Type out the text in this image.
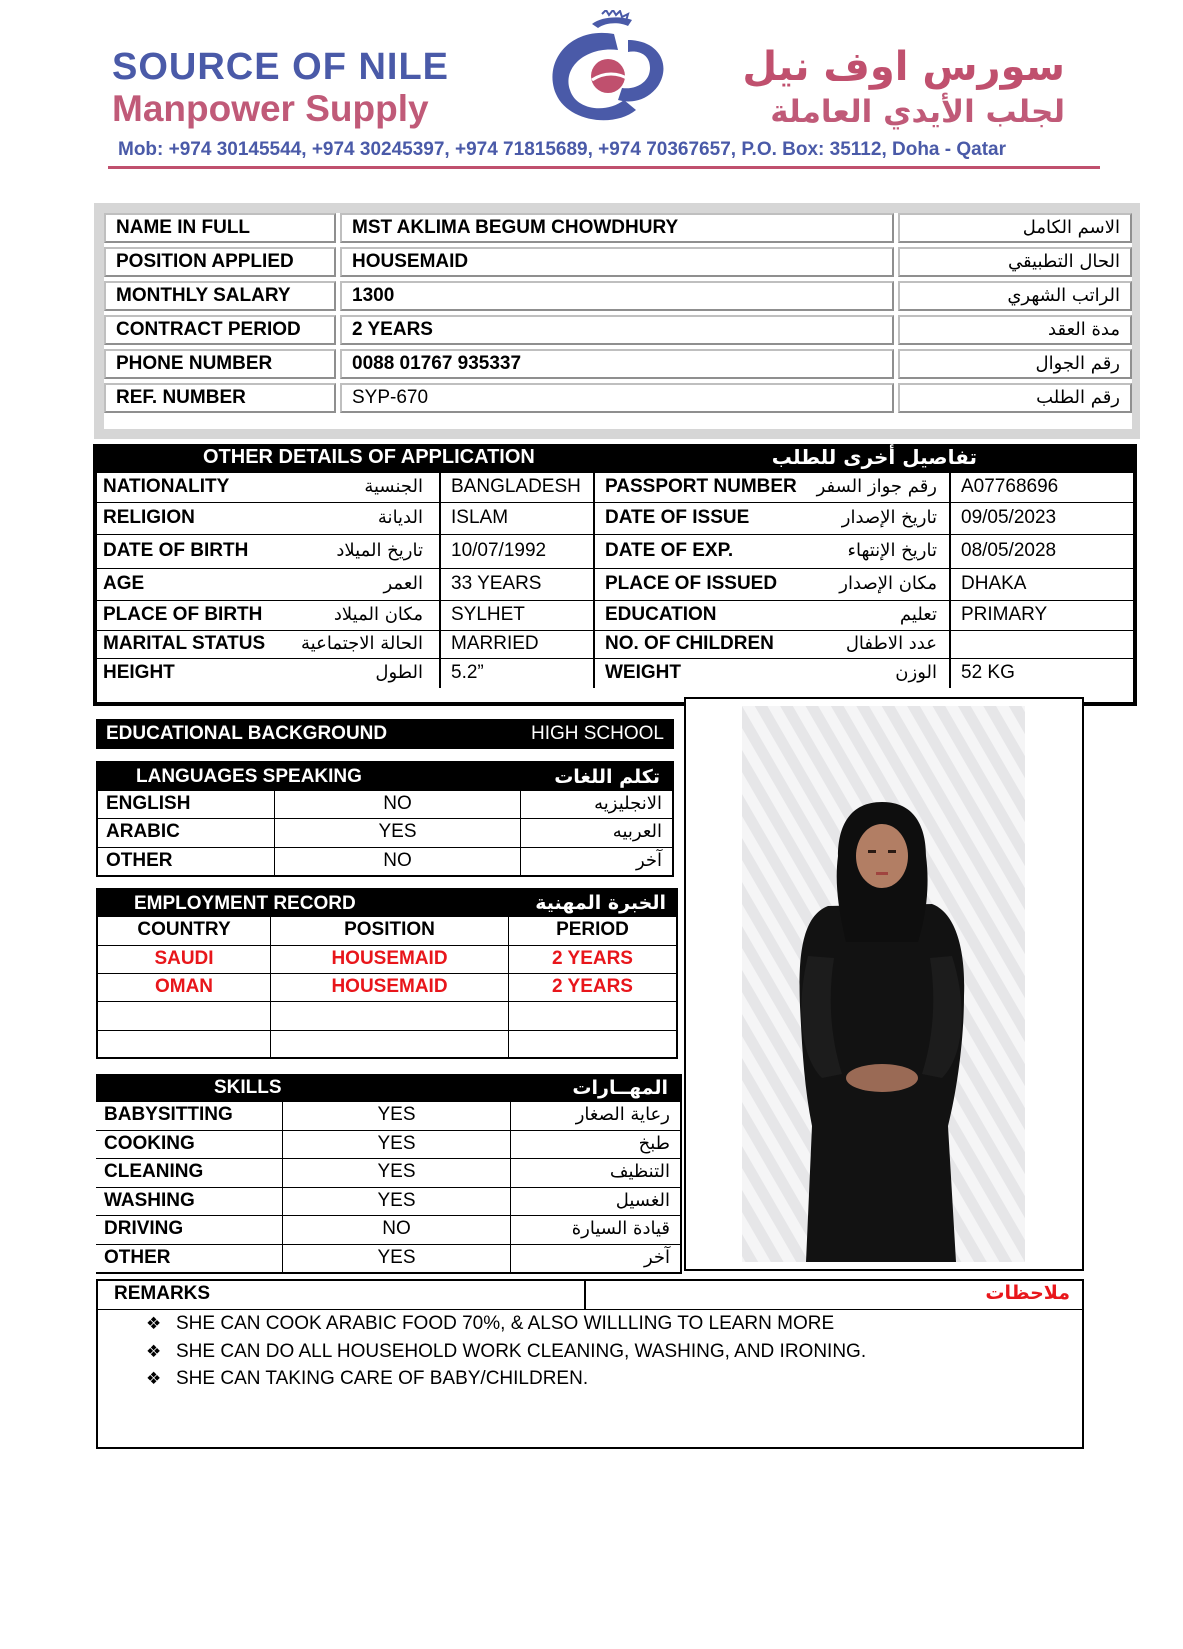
SOURCE OF NILE
Manpower Supply
سورس اوف نيل
لجلب الأيدي العاملة
Mob: +974 30145544, +974 30245397, +974 71815689, +974 70367657, P.O. Box: 35112, Doha - Qatar
NAME IN FULL	MST AKLIMA BEGUM CHOWDHURY	الاسم الكامل
POSITION APPLIED	HOUSEMAID	الحال التطبيقي
MONTHLY SALARY	1300	الراتب الشهري
CONTRACT PERIOD	2 YEARS	مدة العقد
PHONE NUMBER	0088 01767 935337	رقم الجوال
REF. NUMBER	SYP-670	رقم الطلب
OTHER DETAILS OF APPLICATION	تفاصيل أخرى للطلب
NATIONALITY	الجنسية BANGLADESH	PASSPORT NUMBER	رقم جواز السفر A07768696
RELIGION	الديانة ISLAM	DATE OF ISSUE	تاريخ الإصدار 09/05/2023
DATE OF BIRTH	تاريخ الميلاد 10/07/1992	DATE OF EXP.	تاريخ الإنتهاء 08/05/2028
AGE	العمر 33 YEARS	PLACE OF ISSUED	مكان الإصدار DHAKA
PLACE OF BIRTH	مكان الميلاد SYLHET	EDUCATION	تعليم PRIMARY
MARITAL STATUS	الحالة الاجتماعية MARRIED	NO. OF CHILDREN	عدد الاطفال
HEIGHT	الطول 5.2”	WEIGHT	الوزن 52 KG
EDUCATIONAL BACKGROUND	HIGH SCHOOL
LANGUAGES SPEAKING	تكلم اللغات
ENGLISH	NO	الانجليزيه
ARABIC	YES	العربيه
OTHER	NO	آخر
EMPLOYMENT RECORD	الخبرة المهنية
COUNTRY	POSITION	PERIOD
SAUDI	HOUSEMAID	2 YEARS
OMAN	HOUSEMAID	2 YEARS
SKILLS	المهــارات
BABYSITTING	YES	رعاية الصغار
COOKING	YES	طبخ
CLEANING	YES	التنظيف
WASHING	YES	الغسيل
DRIVING	NO	قيادة السيارة
OTHER	YES	آخر
REMARKS	ملاحظات
❖ SHE CAN COOK ARABIC FOOD 70%, & ALSO WILLLING TO LEARN MORE
❖ SHE CAN DO ALL HOUSEHOLD WORK CLEANING, WASHING, AND IRONING.
❖ SHE CAN TAKING CARE OF BABY/CHILDREN.
